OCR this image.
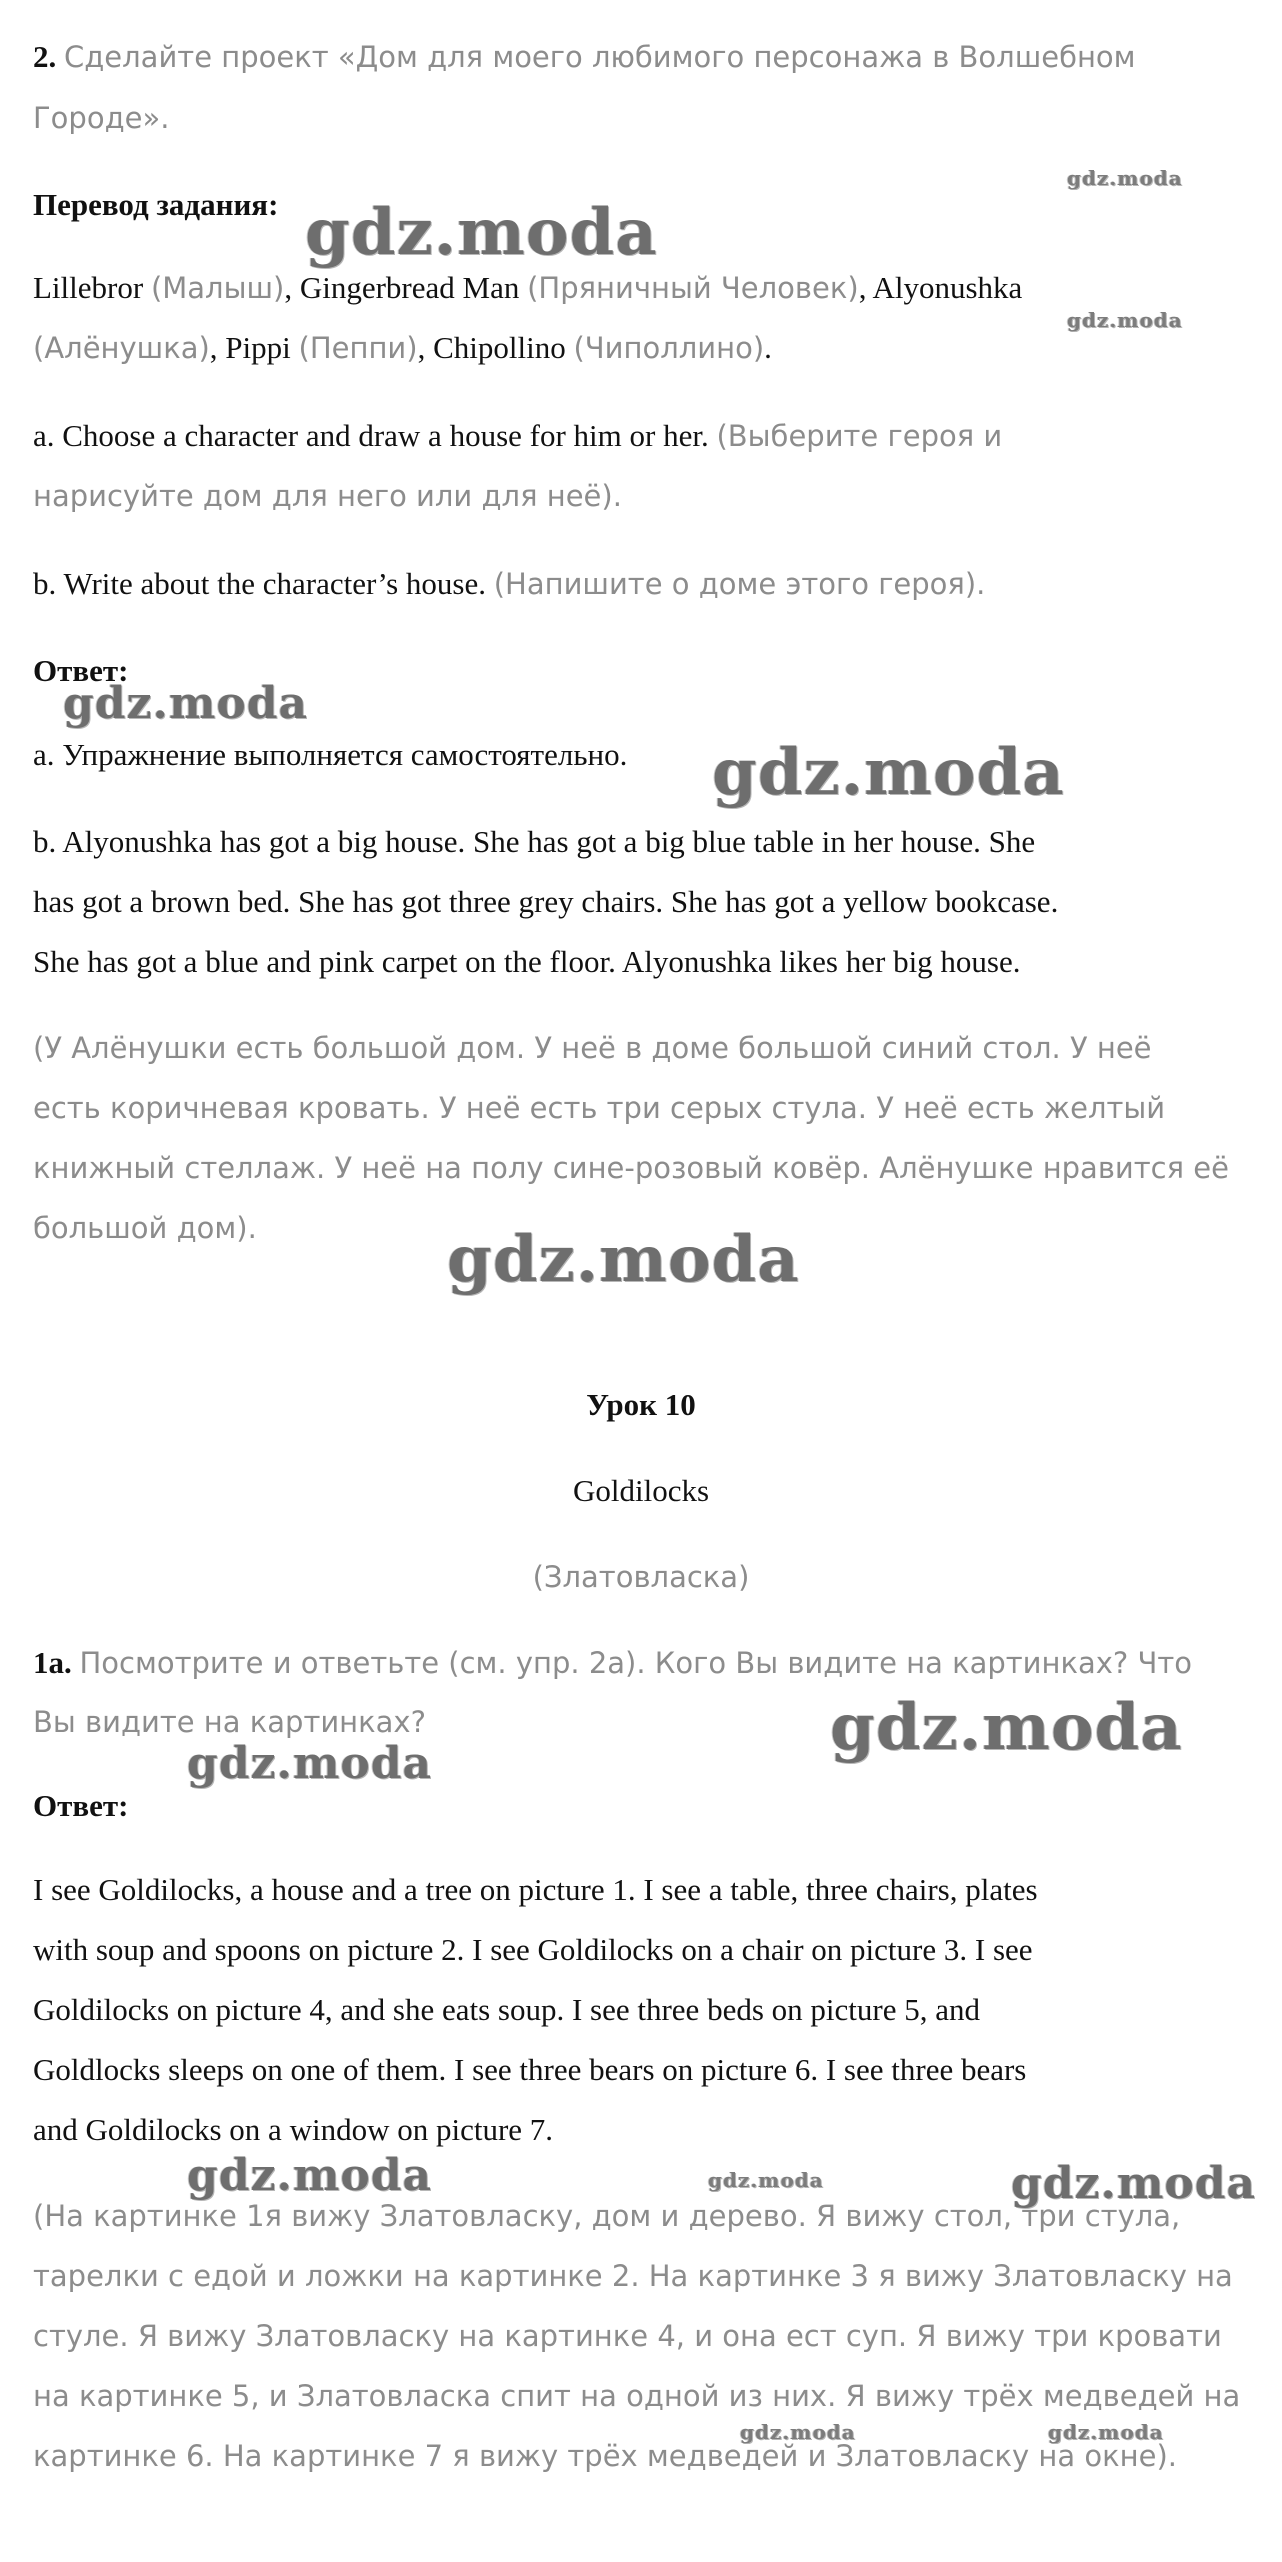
2. Сделайте проект «Дом для моего любимого персонажа в Волшебном
Городе».
Перевод задания:
Lillebror (Малыш), Gingerbread Man (Пряничный Человек), Alyonushka
(Алёнушка), Pippi (Пеппи), Chipollino (Чиполлино).
a. Choose a character and draw a house for him or her. (Выберите героя и
нарисуйте дом для него или для неё).
b. Write about the character’s house. (Напишите о доме этого героя).
Ответ:
a. Упражнение выполняется самостоятельно.
b. Alyonushka has got a big house. She has got a big blue table in her house. She
has got a brown bed. She has got three grey chairs. She has got a yellow bookcase.
She has got a blue and pink carpet on the floor. Alyonushka likes her big house.
(У Алёнушки есть большой дом. У неё в доме большой синий стол. У неё
есть коричневая кровать. У неё есть три серых стула. У неё есть желтый
книжный стеллаж. У неё на полу сине-розовый ковёр. Алёнушке нравится её
большой дом).
Урок 10
Goldilocks
(Златовласка)
1a. Посмотрите и ответьте (см. упр. 2а). Кого Вы видите на картинках? Что
Вы видите на картинках?
Ответ:
I see Goldilocks, a house and a tree on picture 1. I see a table, three chairs, plates
with soup and spoons on picture 2. I see Goldilocks on a chair on picture 3. I see
Goldilocks on picture 4, and she eats soup. I see three beds on picture 5, and
Goldlocks sleeps on one of them. I see three bears on picture 6. I see three bears
and Goldilocks on a window on picture 7.
(На картинке 1я вижу Златовласку, дом и дерево. Я вижу стол, три стула,
тарелки с едой и ложки на картинке 2. На картинке 3 я вижу Златовласку на
стуле. Я вижу Златовласку на картинке 4, и она ест суп. Я вижу три кровати
на картинке 5, и Златовласка спит на одной из них. Я вижу трёх медведей на
картинке 6. На картинке 7 я вижу трёх медведей и Златовласку на окне).
gdz.moda
gdz.moda
gdz.moda
gdz.moda
gdz.moda
gdz.moda
gdz.moda
gdz.moda
gdz.moda	gdz.moda	gdz.moda
gdz.moda	gdz.moda
